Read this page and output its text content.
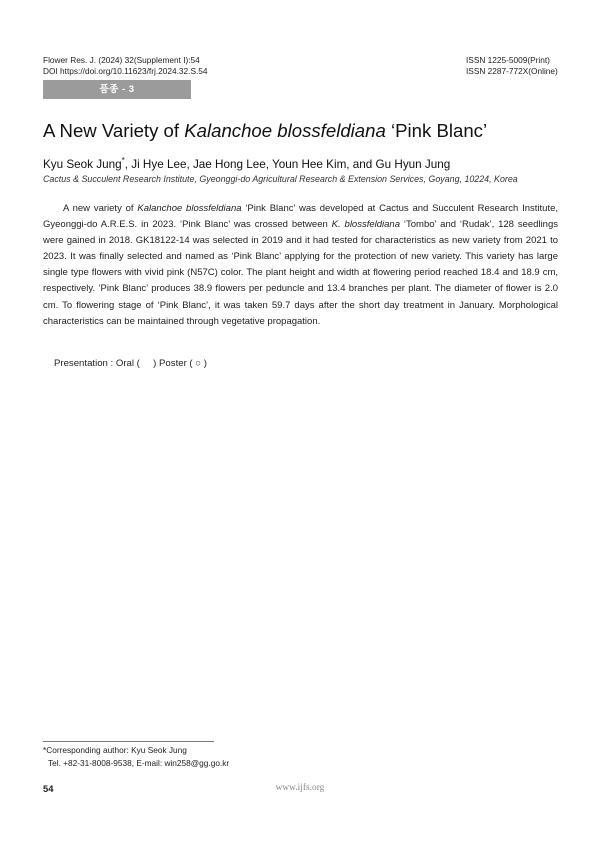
Flower Res. J. (2024) 32(Supplement I):54
DOI https://doi.org/10.11623/frj.2024.32.S.54
ISSN 1225-5009(Print)
ISSN 2287-772X(Online)
품종 - 3
A New Variety of Kalanchoe blossfeldiana ‘Pink Blanc’
Kyu Seok Jung*, Ji Hye Lee, Jae Hong Lee, Youn Hee Kim, and Gu Hyun Jung
Cactus & Succulent Research Institute, Gyeonggi-do Agricultural Research & Extension Services, Goyang, 10224, Korea

A new variety of Kalanchoe blossfeldiana ‘Pink Blanc’ was developed at Cactus and Succulent Research Institute, Gyeonggi-do A.R.E.S. in 2023. ‘Pink Blanc’ was crossed between K. blossfeldiana ‘Tombo’ and ‘Rudak’, 128 seedlings were gained in 2018. GK18122-14 was selected in 2019 and it had tested for characteristics as new variety from 2021 to 2023. It was finally selected and named as ‘Pink Blanc’ applying for the protection of new variety. This variety has large single type flowers with vivid pink (N57C) color. The plant height and width at flowering period reached 18.4 and 18.9 cm, respectively. ‘Pink Blanc’ produces 38.9 flowers per peduncle and 13.4 branches per plant. The diameter of flower is 2.0 cm. To flowering stage of ‘Pink Blanc’, it was taken 59.7 days after the short day treatment in January. Morphological characteristics can be maintained through vegetative propagation.

Presentation : Oral (     ) Poster ( ○ )
*Corresponding author: Kyu Seok Jung
Tel. +82-31-8008-9538, E-mail: win258@gg.go.kr
54	www.ijfs.org
